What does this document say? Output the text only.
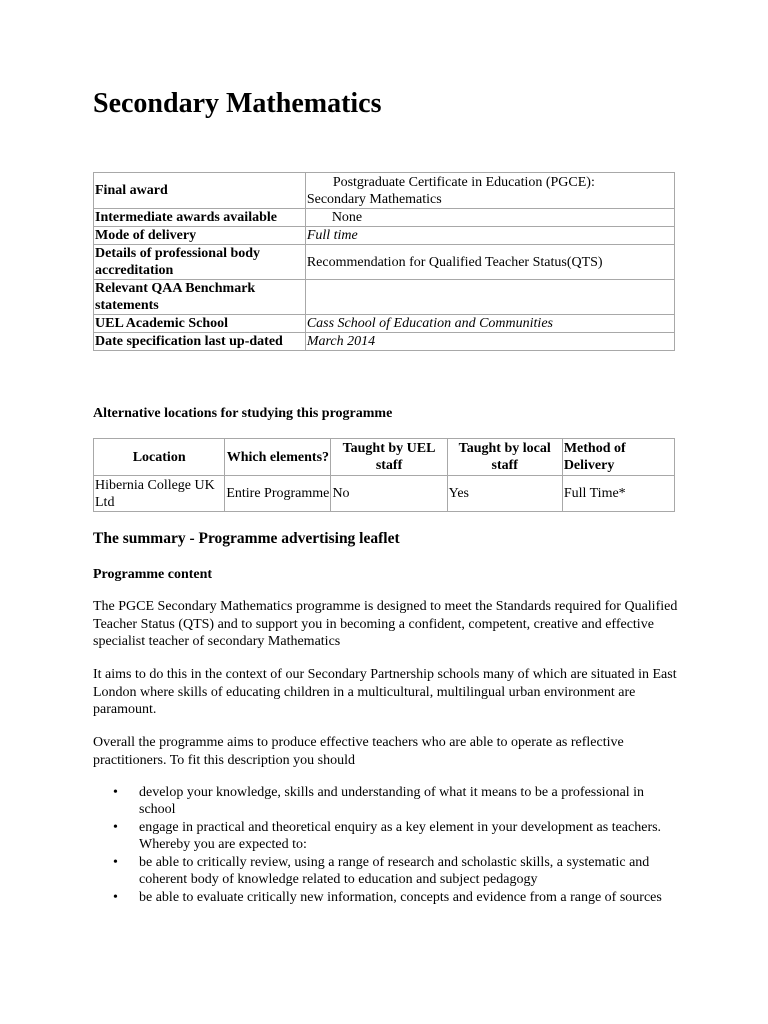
Secondary Mathematics
Final award	Postgraduate Certificate in Education (PGCE):
Secondary Mathematics
Intermediate awards available	None
Mode of delivery	Full time
Details of professional body accreditation	Recommendation for Qualified Teacher Status(QTS)
Relevant QAA Benchmark statements	
UEL Academic School	Cass School of Education and Communities
Date specification last up-dated	March 2014

Alternative locations for studying this programme

Location	Which elements?	Taught by UEL staff	Taught by local staff	Method of Delivery
Hibernia College UK Ltd	Entire Programme	No	Yes	Full Time*
The summary - Programme advertising leaflet

Programme content

The PGCE Secondary Mathematics programme is designed to meet the Standards required for Qualified Teacher Status (QTS) and to support you in becoming a confident, competent, creative and effective specialist teacher of secondary Mathematics

It aims to do this in the context of our Secondary Partnership schools many of which are situated in East London where skills of educating children in a multicultural, multilingual urban environment are paramount.

Overall the programme aims to produce effective teachers who are able to operate as reflective practitioners. To fit this description you should

• develop your knowledge, skills and understanding of what it means to be a professional in school
• engage in practical and theoretical enquiry as a key element in your development as teachers. Whereby you are expected to:
• be able to critically review, using a range of research and scholastic skills, a systematic and coherent body of knowledge related to education and subject pedagogy
• be able to evaluate critically new information, concepts and evidence from a range of sources
